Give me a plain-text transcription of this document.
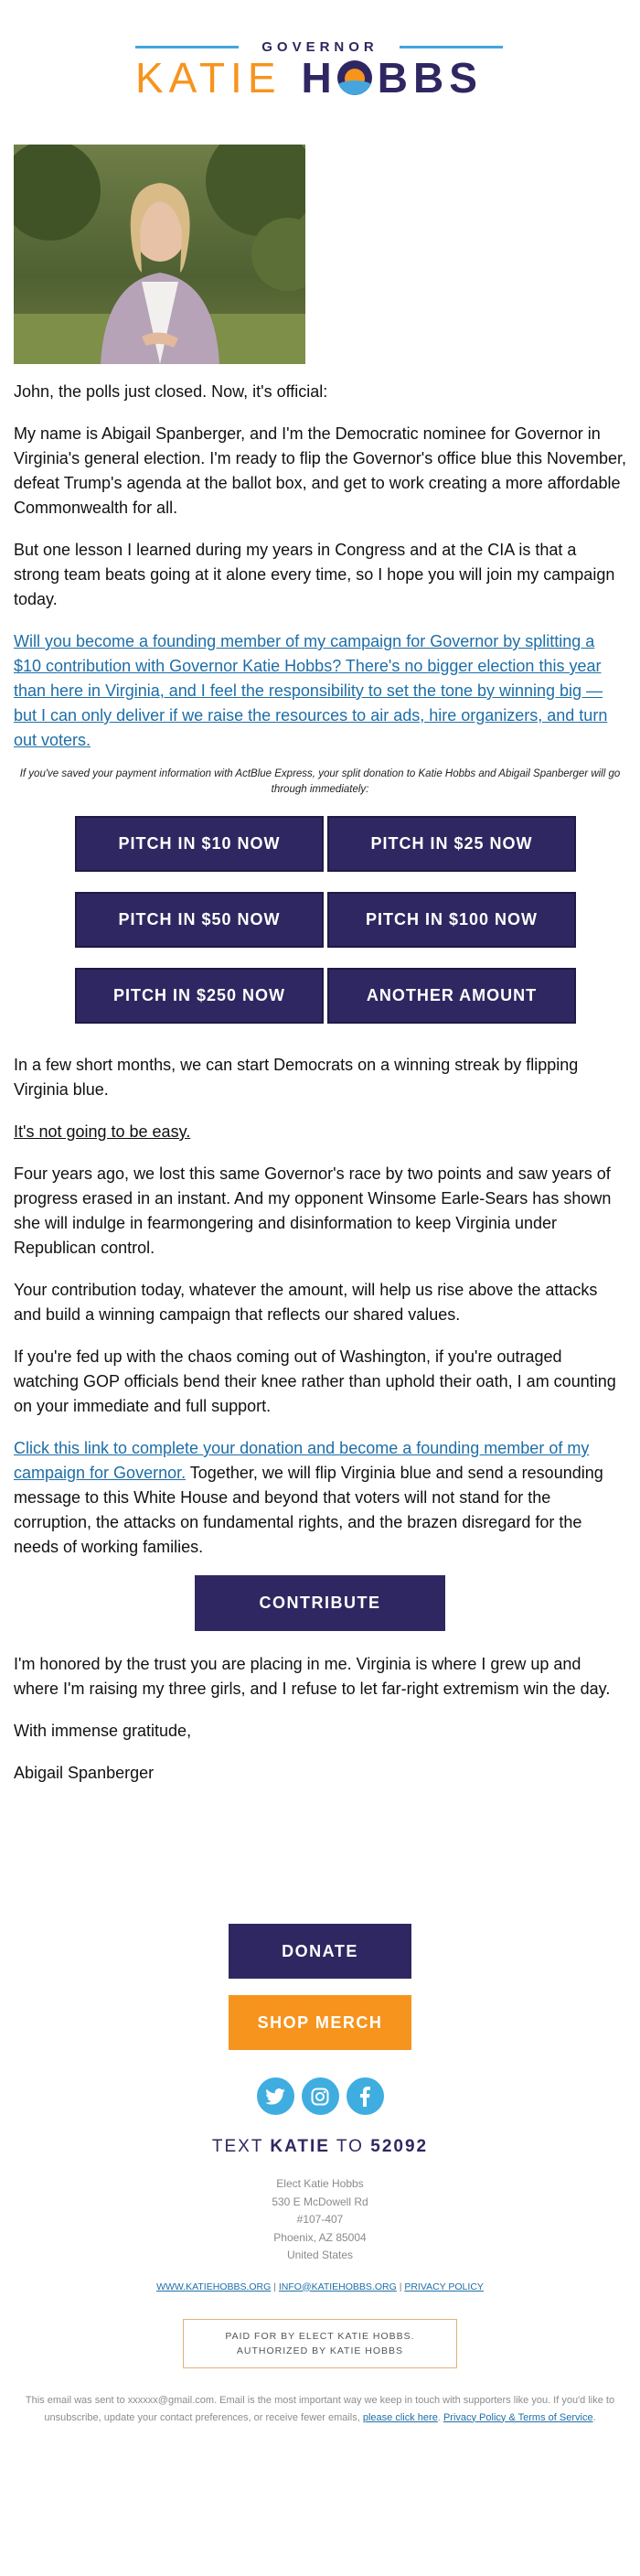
GOVERNOR
KATIE H BBS

John, the polls just closed. Now, it's official:

My name is Abigail Spanberger, and I'm the Democratic nominee for Governor in Virginia's general election. I'm ready to flip the Governor's office blue this November, defeat Trump's agenda at the ballot box, and get to work creating a more affordable Commonwealth for all.

But one lesson I learned during my years in Congress and at the CIA is that a strong team beats going at it alone every time, so I hope you will join my campaign today.

Will you become a founding member of my campaign for Governor by splitting a $10 contribution with Governor Katie Hobbs? There's no bigger election this year than here in Virginia, and I feel the responsibility to set the tone by winning big — but I can only deliver if we raise the resources to air ads, hire organizers, and turn out voters.

If you've saved your payment information with ActBlue Express, your split donation to Katie Hobbs and Abigail Spanberger will go through immediately:
PITCH IN $10 NOW	PITCH IN $25 NOW
PITCH IN $50 NOW	PITCH IN $100 NOW
PITCH IN $250 NOW	ANOTHER AMOUNT

In a few short months, we can start Democrats on a winning streak by flipping Virginia blue.

It's not going to be easy.

Four years ago, we lost this same Governor's race by two points and saw years of progress erased in an instant. And my opponent Winsome Earle-Sears has shown she will indulge in fearmongering and disinformation to keep Virginia under Republican control.

Your contribution today, whatever the amount, will help us rise above the attacks and build a winning campaign that reflects our shared values.

If you're fed up with the chaos coming out of Washington, if you're outraged watching GOP officials bend their knee rather than uphold their oath, I am counting on your immediate and full support.

Click this link to complete your donation and become a founding member of my campaign for Governor. Together, we will flip Virginia blue and send a resounding message to this White House and beyond that voters will not stand for the corruption, the attacks on fundamental rights, and the brazen disregard for the needs of working families.

CONTRIBUTE

I'm honored by the trust you are placing in me. Virginia is where I grew up and where I'm raising my three girls, and I refuse to let far-right extremism win the day.

With immense gratitude,

Abigail Spanberger

DONATE
SHOP MERCH
TEXT KATIE TO 52092
Elect Katie Hobbs
530 E McDowell Rd
#107-407
Phoenix, AZ 85004
United States
WWW.KATIEHOBBS.ORG | INFO@KATIEHOBBS.ORG | PRIVACY POLICY
PAID FOR BY ELECT KATIE HOBBS.
AUTHORIZED BY KATIE HOBBS
This email was sent to xxxxxx@gmail.com. Email is the most important way we keep in touch with supporters like you. If you'd like to unsubscribe, update your contact preferences, or receive fewer emails, please click here. Privacy Policy & Terms of Service.
